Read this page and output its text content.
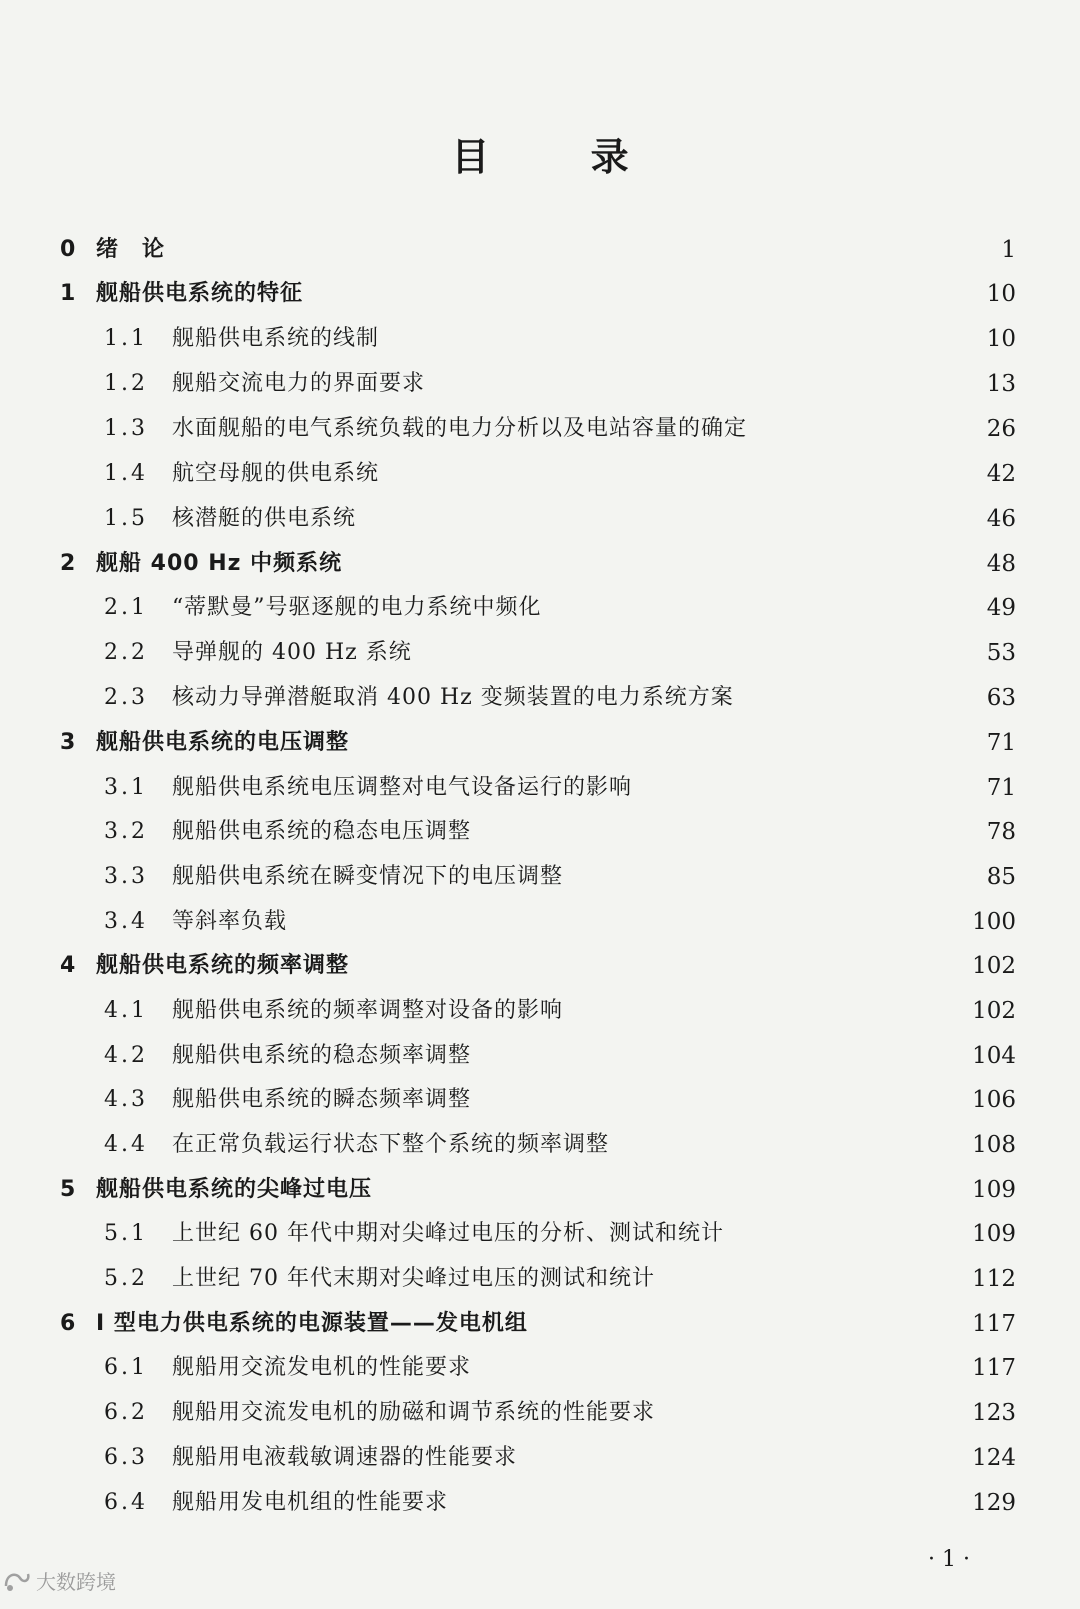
目 录
0 绪　论	1
1 舰船供电系统的特征	10
1.1 舰船供电系统的线制	10
1.2 舰船交流电力的界面要求	13
1.3 水面舰船的电气系统负载的电力分析以及电站容量的确定	26
1.4 航空母舰的供电系统	42
1.5 核潜艇的供电系统	46
2 舰船 400 Hz 中频系统	48
2.1 “蒂默曼”号驱逐舰的电力系统中频化	49
2.2 导弹舰的 400 Hz 系统	53
2.3 核动力导弹潜艇取消 400 Hz 变频装置的电力系统方案	63
3 舰船供电系统的电压调整	71
3.1 舰船供电系统电压调整对电气设备运行的影响	71
3.2 舰船供电系统的稳态电压调整	78
3.3 舰船供电系统在瞬变情况下的电压调整	85
3.4 等斜率负载	100
4 舰船供电系统的频率调整	102
4.1 舰船供电系统的频率调整对设备的影响	102
4.2 舰船供电系统的稳态频率调整	104
4.3 舰船供电系统的瞬态频率调整	106
4.4 在正常负载运行状态下整个系统的频率调整	108
5 舰船供电系统的尖峰过电压	109
5.1 上世纪 60 年代中期对尖峰过电压的分析、测试和统计	109
5.2 上世纪 70 年代末期对尖峰过电压的测试和统计	112
6 I 型电力供电系统的电源装置——发电机组	117
6.1 舰船用交流发电机的性能要求	117
6.2 舰船用交流发电机的励磁和调节系统的性能要求	123
6.3 舰船用电液载敏调速器的性能要求	124
6.4 舰船用发电机组的性能要求	129
· 1 ·
大数跨境
